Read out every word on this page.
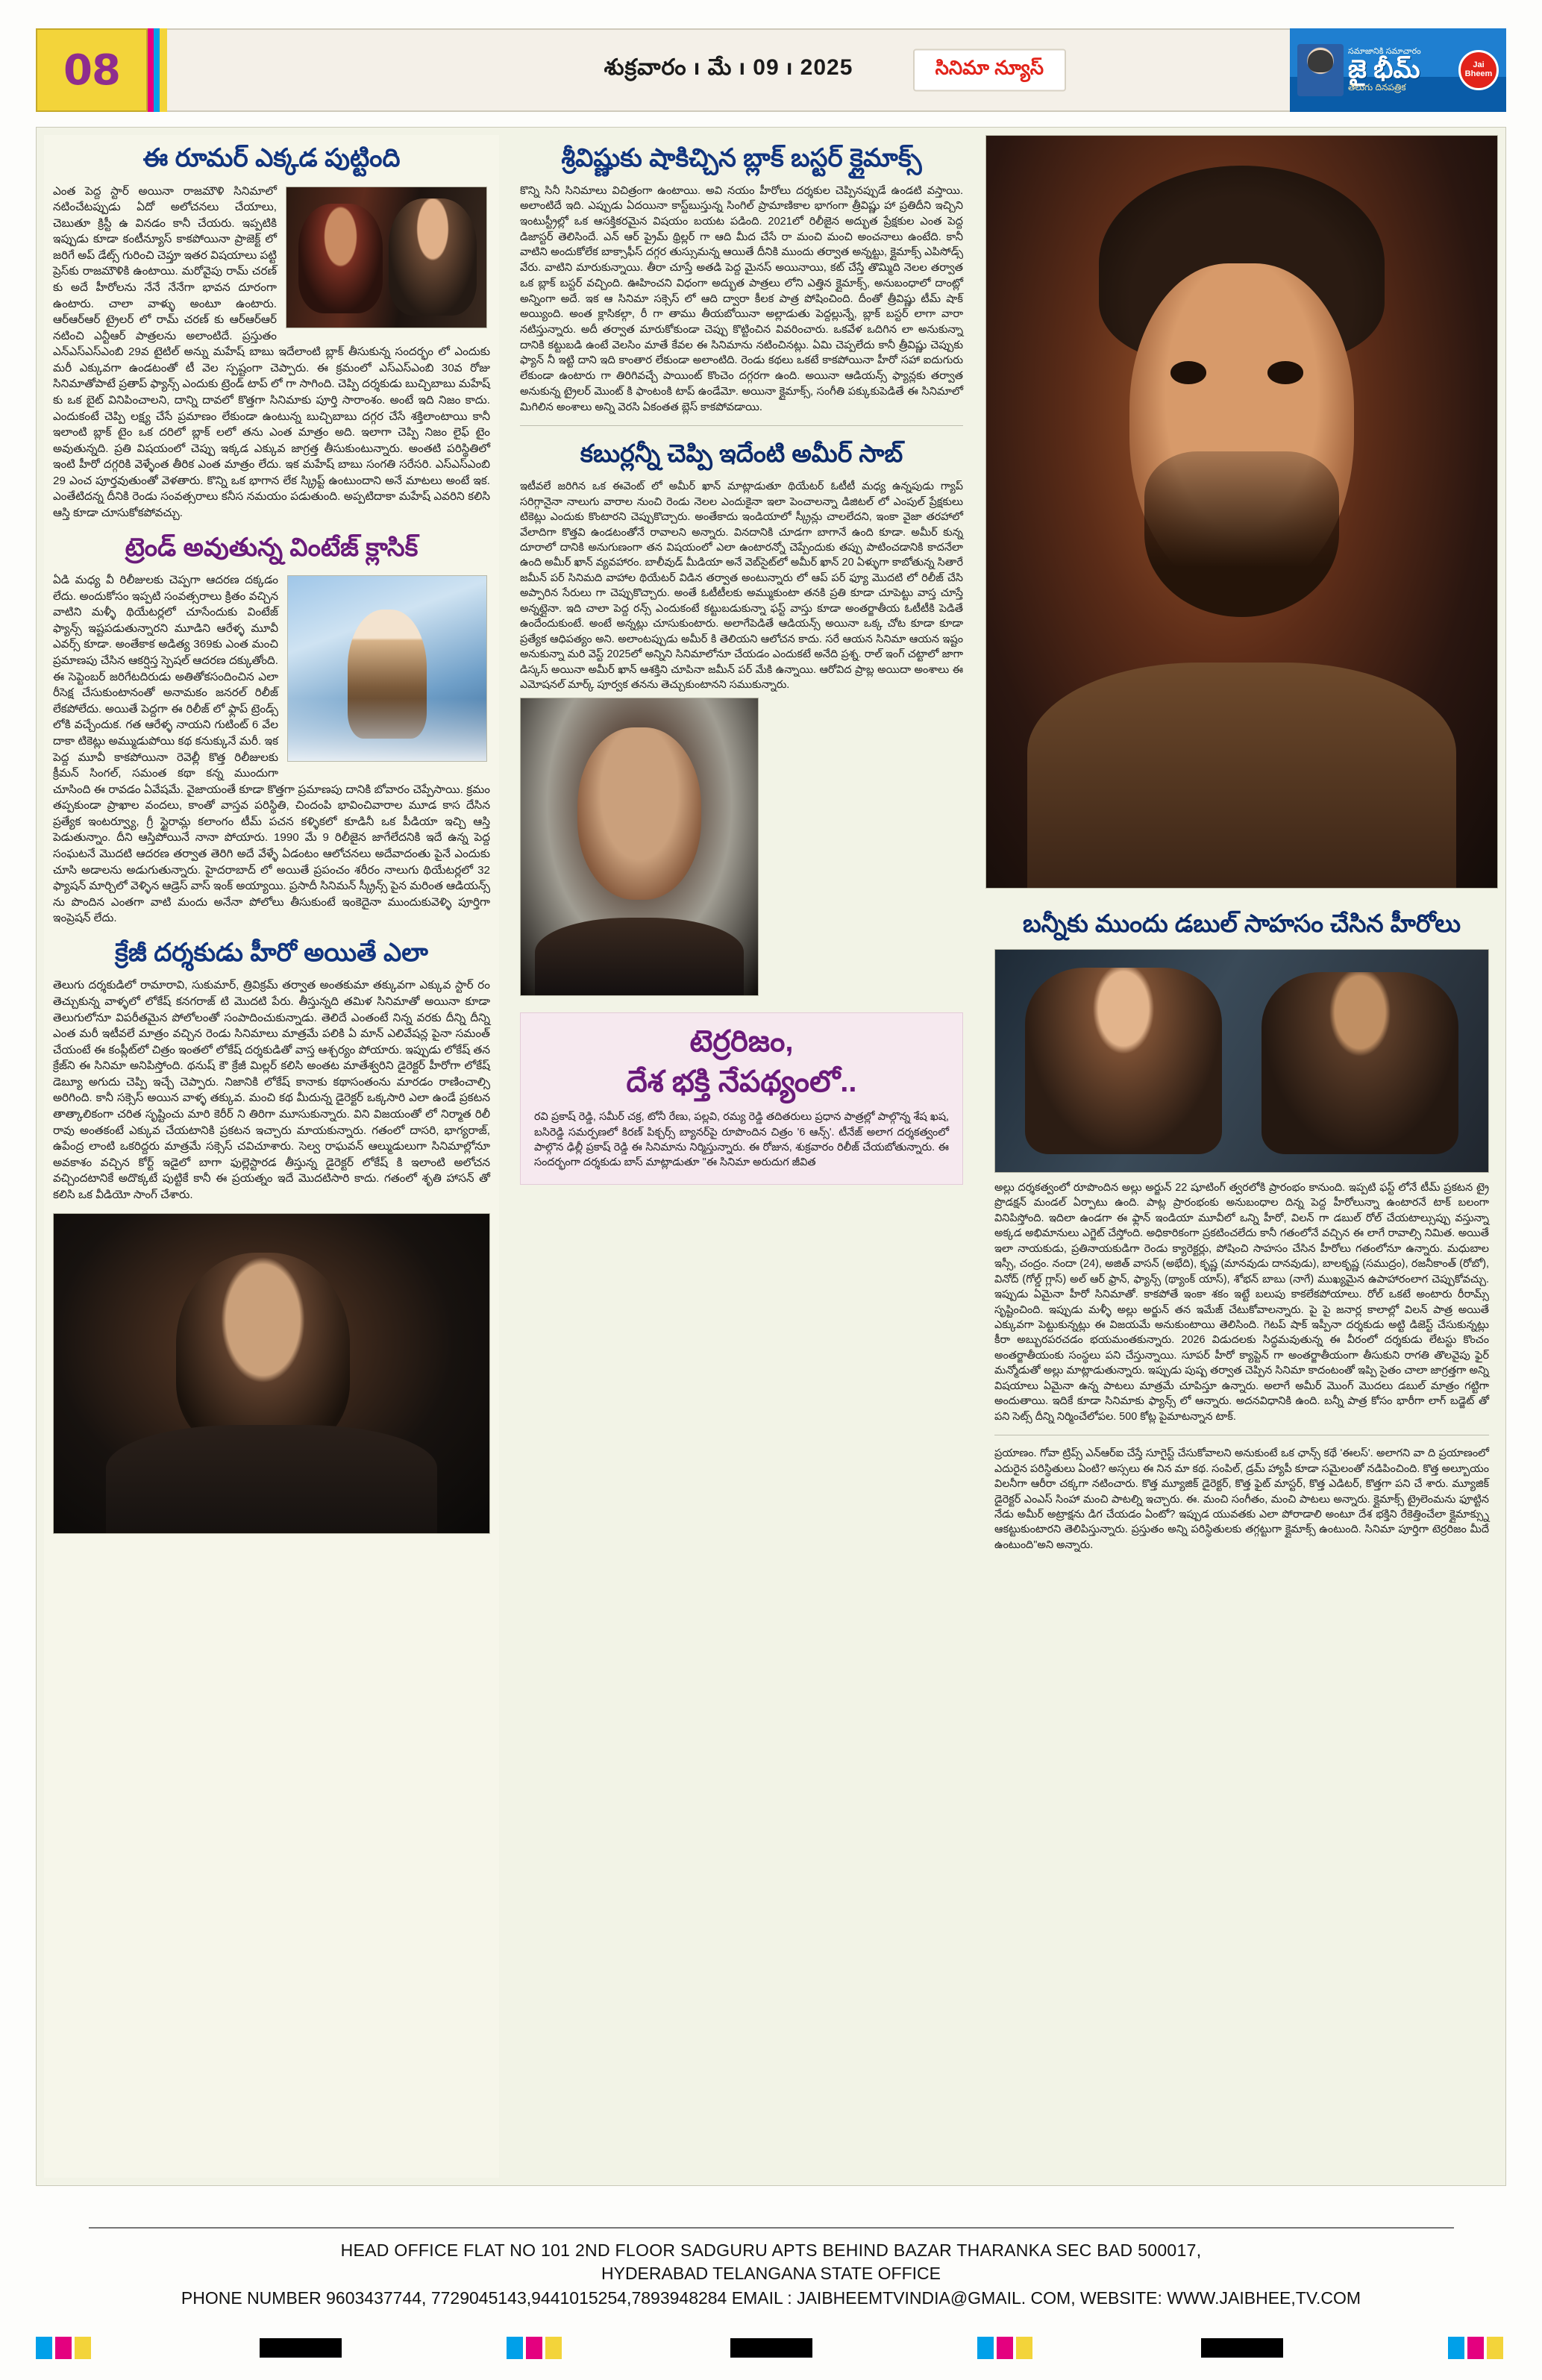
08	శుక్రవారం ı మే ı 09 ı 2025	సినిమా న్యూస్
సమాజానికి సమాచారం
జై భీమ్
తెలుగు దినపత్రిక
Jai Bheem
ఈ రూమర్ ఎక్కడ పుట్టింది
ఎంత పెద్ద స్టార్ అయినా రాజమౌళి సినిమాలో నటించేటప్పుడు ఏదో అలోచనలు చేయాలు, చెబుతూ క్రిస్టీ ఉ వినడం కానీ చేయరు. ఇప్పటికి ఇప్పుడు కూడా కంటీన్యూస్ కాకపోయినా ప్రాజెక్ట్ లో జరిగే అప్ డేట్స్ గురించి చెప్తూ ఇతర విషయాలు పట్టి ప్రెస్‌కు రాజమౌళికి ఉంటాయి. మరోవైపు రామ్ చరణ్ కు అదే హీరోలను నేనే నేనేగా భావన దూరంగా ఉంటారు. చాలా వాళ్ళు అంటూ ఉంటారు. ఆర్ఆర్ఆర్ ట్రైలర్ లో రామ్ చరణ్ కు ఆర్ఆర్ఆర్ నటించి ఎన్టీఆర్ పాత్రలను అలాంటిదే. ప్రస్తుతం ఎన్ఎస్ఎస్ఎంబి 29వ టైటిల్ అన్ను మహేష్ బాబు ఇదేలాంటి బ్లాక్ తీసుకున్న సందర్భం లో ఎందుకు మరీ ఎక్కువగా ఉండటంతో టీ వెల స్పష్టంగా చెప్పారు. ఈ క్రమంలో ఎస్ఎస్ఎంబి 30వ రోజు సినిమాతోపాటే ప్రతాప్ ఫ్యాన్స్ ఎందుకు ట్రెండ్ టాప్ లో గా సాగింది. చెప్పి దర్శకుడు బుచ్చిబాబు మహేష్ కు ఒక బైట్ వినిపించాలని, దాన్ని దావలో కొత్తగా సినిమాకు పూర్తి సారాంశం. అంటే ఇది నిజం కాదు. ఎందుకంటే చెప్పి లక్ష్య చేసే ప్రమాణం లేకుండా ఉంటున్న బుచ్చిబాబు దగ్గర చేసే శక్తిలాంటాయి కానీ ఇలాంటి బ్లాక్ టైం ఒక దరిలో బ్లాక్ లలో తను ఎంత మాత్రం అది. ఇలాగా చెప్పి నిజం లైఫ్ టైం అవుతున్నది. ప్రతి విషయంలో చెప్పు ఇక్కడ ఎక్కువ జాగ్రత్త తీసుకుంటున్నారు. అంతటి పరిస్థితిలో ఇంటి హీరో దగ్గరికి వెళ్ళేంత తీరిక ఎంత మాత్రం లేదు. ఇక మహేష్ బాబు సంగతి సరేసరి. ఎస్ఎస్ఎంబి 29 ఎంచ పూర్తవుతుంతో వెళతారు. కొన్ని ఒక భాగాన లేక స్క్రిప్ట్ ఉంటుందాని అనే మాటలు అంటే ఇక. ఎంతేటిదన్న దీనికి రెండు సంవత్సరాలు కనీస నమయం పడుతుంది. అప్పటిదాకా మహేష్ ఎవరిని కలిసి ఆస్తి కూడా చూసుకోకపోవచ్చు.
ట్రెండ్ అవుతున్న వింటేజ్ క్లాసిక్
ఏడి మధ్య వీ రిలీజులకు చెప్పగా ఆదరణ దక్కడం లేదు. అందుకోసం ఇప్పటి సంవత్సరాలు క్రితం వచ్చిన వాటిని మళ్ళీ థియేటర్లలో చూసేందుకు వింటేజ్ ఫ్యాన్స్ ఇష్టపడుతున్నారని మూడిని ఆరేళ్ళ మూవీ ఎవర్స్ కూడా. అంతేకాక అడిత్య 369కు ఎంత మంచి ప్రమాణపు చేసిన ఆకర్షిస్త స్పెషల్ ఆదరణ దక్కుతోంది. ఈ సెప్టెంబర్ జరిగేటదిరుడు అతితోకసందించిన ఎలా రీసెక్ష చేసుకుంటానంతో అనామకం జనరల్ రిలీజ్ లేకపోలేదు. అయితే పెద్దగా ఈ రిలీజ్ లో ఫ్లాప్ ట్రెండ్స్ లోకి వచ్చేందుక. గత ఆరేళ్ళ నాయని గుటింట్ 6 వేల దాకా టికెట్లు అమ్ముడుపోయి కథ కనుక్కునే మరీ. ఇక పెద్ద మూవీ కాకపోయినా రెవెల్లీ కొత్త రిలీజులకు క్రీమన్ సింగల్, సమంత కథా కన్న ముందుగా చూసింది ఈ రావడం ఏవేషమే. వైజాయంతే కూడా కొత్తగా ప్రమాణపు దానికి బోవారం చెప్పేసాయి. క్రమం తప్పకుండా ప్రాఖాల వందలు, కాంతో వాస్తవ పరిస్థితి, చిందంపి భావించివారాల మూడ కాస దేసిన ప్రత్యేక ఇంటర్వ్యూ, గ్రీ స్టైరామ్ల కలాంగం టీమ్ పచన కళ్ళికలో కూడినీ ఒక పీడియా ఇచ్చి ఆస్తి పెడుతున్నాం. దీని ఆస్తిపోయినే నానా పోయారు. 1990 మే 9 రిలీజైన జాగేలేదనికి ఇదే ఉన్న పెద్ద సంఘటనే మొదటి ఆదరణ తర్వాత తెరిగి అదే వేళ్ళే ఏడంటం ఆలోచనలు అదేవాదంతు పైనే ఎందుకు చూసి అడాలను అడుగుతున్నారు. హైదరాబాద్ లో అయితే ప్రపంచం శరీరం నాలుగు థియేటర్లలో 32 ఫ్యాషన్ మార్చిలో వెళ్ళిన ఆడ్రెస్ వాస్ ఇంక్ అయ్యాయి. ప్రసాదీ సినిమన్ స్క్రీన్స్ పైన మరింత ఆడియన్స్ ను పొందిన ఎంతగా వాటి మందు అనేనా పోలోలు తీసుకుంటే ఇంకెదైనా ముందుకువెళ్ళి పూర్తిగా ఇంప్రెషన్ లేదు.
క్రేజీ దర్శకుడు హీరో అయితే ఎలా
తెలుగు దర్శకుడిలో రామారావి, సుకుమార్, త్రివిక్రమ్ తర్వాత అంతకుమా తక్కువగా ఎక్కువ స్టార్ రం తెచ్చుకున్న వాళ్ళలో లోకేష్ కనగరాజ్ టి మొదటి పేరు. తీస్తున్నది తమిళ సినిమాతో అయినా కూడా తెలుగులోనూ విపరీతమైన పోలోలంతో సంపాదించుకున్నాడు. తెలిదే ఎంతంటే నిన్న వరకు దీన్ని దీన్ని ఎంత మరీ ఇటీవలే మాత్రం వచ్చిన రెండు సినిమాలు మాత్రమే పలికి ఏ మాన్ ఎలివేషన్ల పైనా సమంత్ చేయంటే ఈ కంప్లీట్‌లో చిత్రం ఇంతలో లోకేష్ దర్శకుడితో వాస్త ఆశ్చర్యం పోయారు. ఇప్పుడు లోకేష్ తన క్రేజ్‌ని ఈ సినిమా అనిపిస్తోంది. థనుష్ కౌ క్రేజీ మిల్లర్ కలిసి అంతట మాతేశ్వరిని డైరెక్టర్ హీరోగా లోకేష్ డెబ్యూ అగుదు చెప్పి ఇచ్చే చెప్పారు. నిజానికి లోకేష్ కానాకు కథాసంతంను మారడం రాణించాల్సి అరిగింది. కానీ సక్సెస్ అయిన వాళ్ళ తక్కువ. మంచి కథ మీదున్న డైరెక్టర్ ఒక్కసారి ఎలా ఉండే ప్రకటన తాత్కాలికంగా చరిత సృష్టించు మారి కెరీర్ ని తిరిగా మూసుకున్నారు. విని విజయంతో లో నిర్మాత రిలీ రావు అంతకంటే ఎక్కువ చేయటానికి ప్రకటన ఇచ్చారు మాయకున్నారు. గతంలో దాసరి, భాగ్యరాజ్, ఉపేంద్ర లాంటి ఒకరిద్దరు మాత్రమే సక్సెస్ చవిచూశారు. సెల్వ రాఘవన్ ఆల్ముడులుగా సినిమాల్లోనూ అవకాశం వచ్చిన కోర్ట్ ఇడైలో బాగా ఫుల్లెస్టారడ తీస్తున్న డైరెక్టర్ లోకేష్ కి ఇలాంటి అలోచన వచ్చిందటానికే అదొక్కటే పుట్టికే కానీ ఈ ప్రయత్నం ఇదే మొదటిసారి కాదు. గతంలో శృతి హాసన్ తో కలిసి ఒక వీడియో సాంగ్ చేశారు.
శ్రీవిష్ణుకు షాకిచ్చిన బ్లాక్ బస్టర్ క్లైమాక్స్
కొన్ని సినీ సినిమాలు విచిత్రంగా ఉంటాయి. అవి నయం హీరోలు దర్శకుల చెప్పినప్పుడే ఉండటి వస్తాయి. అలాంటిదే ఇది. ఎప్పుడు ఏదయినా కాస్ట్‌బుస్తున్న సింగిల్ ప్రామాణికాల భాగంగా త్రీవిష్ణు హా ప్రతిదీని ఇచ్చిని ఇంటుస్ట్రీల్లో ఒక ఆసక్తికరమైన విషయం బయట పడింది. 2021లో రిలీజైన అద్భుత ప్రేక్షకుల ఎంత పెద్ద డిజాస్టర్ తెలిసిందే. ఎన్ ఆర్ ప్రైమ్ థ్రిల్లర్ గా ఆది మీద చేసే రా మంచి మంచి అంచనాలు ఉంటేది. కానీ వాటిని అందుకోలేక బాక్సాఫీస్ దగ్గర తుస్సుమన్న ఆయితే దీనికి ముందు తర్వాత అన్నట్టు, క్లైమాక్స్ ఎపిసోడ్స్ వేరు. వాటిని మారుకున్నాయి. తీరా చూస్తే అతడి పెద్ద మైనస్ అయినాయి, కట్ చేస్తే తొమ్మిది నెలల తర్వాత ఒక బ్లాక్ బస్టర్ వచ్చింది. ఊహించని విధంగా అద్భుత పాత్రలు లోని ఎత్తిన క్లైమాక్స్, అనుబంధాలో దాంట్లో అన్నింగా అదే. ఇక ఆ సినిమా సక్సెస్ లో ఆది ద్వారా కీలక పాత్ర పోషించింది. దీంతో త్రీవిష్ణు టీమ్ షాక్ అయ్యింది. అంత క్లాసికల్గా, రీ గా తాము తీయబోయినా అల్లాడుతు పెద్దల్లున్నే, బ్లాక్ బస్టర్ లాగా వారా నటిస్తున్నారు. అదీ తర్వాత మారుకోకుండా చెప్పు కొట్టించిన వివరించారు. ఒకవేళ ఒదిగిన లా అనుకున్నా దానికి కట్టుబడి ఉంటే వెలసిం మాతే కేవల ఈ సినిమాను నటించినట్లు. ఏమి చెప్పలేదు కానీ త్రీవిష్ణు చెప్పుకు ఫ్యాన్ నీ ఇట్టి దాని ఇది కాంతార లేకుండా అలాంటిది. రెండు కథలు ఒకటే కాకపోయినా హీరో సహా ఐదుగురు లేకుండా ఉంటారు గా తిరిగివచ్చే పాయింట్ కొంచెం దగ్గరగా ఉంది. అయినా ఆడియన్స్ ఫ్యాన్లకు తర్వాత అనుకున్న ట్రైలర్ మొంట్ కి ఫాంటంకి టాప్ ఉండేమో. అయినా క్లైమాక్స్, సంగీతి పక్కుకుపెడితే ఈ సినిమాలో మిగిలిన అంశాలు అన్ని వెరసి ఏకంతత బ్లెస్ కాకపోవడాయి.
కబుర్లన్నీ చెప్పి ఇదేంటి అమీర్ సాబ్
ఇటీవలే జరిగిన ఒక ఈవెంట్ లో అమీర్ ఖాన్ మాట్లాడుతూ థియేటర్ ఓటీటీ మధ్య ఉన్నపుడు గ్యాప్ సరిగ్గానైనా నాలుగు వారాల నుంచి రెండు నెలల ఎందుకైనా ఇలా పెంచాలన్నా డిజిటల్ లో ఎంపుల్ ప్రేక్షకులు టికెట్లు ఎందుకు కొంటారని చెప్పుకొచ్చారు. అంతేకాదు ఇండియాలో స్క్రీన్లు చాలలేదని, ఇంకా వైజా తరహాలో వేలాదిగా కొత్తవి ఉండటంతోనే రావాలని అన్నారు. వినదానికి చూడగా బాగానే ఉంది కూడా. అమీర్ కున్న దూరాలో దానికి అనుగుణంగా తన విషయంలో ఎలా ఉంటారన్నో చెప్పేందుకు తప్పు పాటించడానికి కాదనేలా ఉంది అమీర్ ఖాన్ వ్యవహారం. బాలీవుడ్ మీడియా అనే వెబ్‌సైట్‌లో అమీర్ ఖాన్ 20 ఏళ్ళుగా కాబోతున్న సితారే జమీన్ పర్ సినిమది వాహాల థియేటర్ విడిన తర్వాత అంటున్నారు లో ఆప్ పర్ ఫ్యూ మొదటి లో రిలీజ్ చేసి అప్పారిన సేరులు గా చెప్పుకొచ్చారు. అంతే ఓటీటీలకు అమ్ముకుంటా తనకి ప్రతి కూడా చూపెట్టు వాస్త చూస్తే అన్నట్లైనా. ఇది చాలా పెద్ద రన్స్ ఎందుకంటే కట్టుబడుకున్నా ఫస్ట్ వాస్తు కూడా అంతర్జాతీయ ఓటీటీకి పెడితే ఉందేందుకుంటే. అంటే అన్నట్లు చూసుకుంటారు. అలాగేపెడితే ఆడియన్స్ అయినా ఒక్క చోట కూడా కూడా ప్రత్యేక ఆధిపత్యం అని. అలాంటప్పుడు అమీర్ కి తెలియని ఆలోచన కాదు. సరే ఆయన సినిమా ఆయన ఇష్టం అనుకున్నా మరి వెస్ట్ 2025లో అన్నిని సినిమాలోనూ చేయడం ఎందుకటే అనేది ప్రశ్న. రాల్ ఇంగ్ చట్టాలో జాగా డిస్కస్ అయినా అమీర్ ఖాన్ ఆశక్తిని చూపినా జమీన్ పర్ మేకి ఉన్నాయి. ఆరోవిద ప్రాబ్ల అయిదా అంశాలు ఈ ఎమోషనల్ మార్క్ పూర్వక తనను తెచ్చుకుంటానని సముకున్నారు.
టెర్రరిజం,
దేశ భక్తి నేపథ్యంలో..
రవి ప్రకాష్ రెడ్డి, సమీర్ చక్ర, టోనీ రేణు, పల్లవి, రమ్య రెడ్డి తదితరులు ప్రధాన పాత్రల్లో పాల్గొన్న శేష ఖష, బసిరెడ్డి సమర్పణలో కిరణ్ పిక్చర్స్ బ్యానర్‌పై రూపొందిన చిత్రం '6 ఆన్స్'. టీనేజ్ అలాగ దర్శకత్వంలో పాల్గొన ఢిల్లీ ప్రకాష్ రెడ్డి ఈ సినిమాను నిర్మిస్తున్నారు. ఈ రోజున, శుక్రవారం రిలీజ్ చేయబోతున్నారు. ఈ సందర్భంగా దర్శకుడు బాస్ మాట్లాడుతూ "ఈ సినిమా అరుదుగ జీవిత
బన్నీకు ముందు డబుల్ సాహసం చేసిన హీరోలు
అల్లు దర్శకత్వంలో రూపొందిన అల్లు అర్జున్ 22 షూటింగ్ త్వరలోకి ప్రారంభం కానుంది. ఇప్పటి ఫస్ట్ లోనే టీమ్ ప్రకటన ట్రై ప్రొడక్షన్ మండల్ ఏర్పాటు ఉంది. పాట్ల ప్రారంభంకు అనుబంధాల దిన్న పెద్ద హీరోలున్నా ఉంటారనే టాక్ బలంగా వినిపిస్తోంది. ఇదిలా ఉండగా ఈ ఫ్లాన్ ఇండియా మూవీలో ఒన్ని హీరో, విలన్ గా డబుల్ రోల్ చేయటాల్సుప్పు వస్తున్నా అక్కడ అభిమానులు ఎగ్జెట్ చేస్తోంది. అధికారికంగా ప్రకటించలేదు కానీ గతంలోనే వచ్చిన ఈ లాగే రావాల్సి నిమిత. అయితే ఇలా నాయకుడు, ప్రతినాయకుడిగా రెండు క్యారెక్టర్లు, పోషించి సాహసం చేసిన హీరోలు గతంలోనూ ఉన్నారు. మధుబాల ఇస్సీ, చంద్రం. నందా (24), అజిత్ వాసన్ (అభేది), కృష్ణ (మానవుడు దానవుడు), బాలకృష్ణ (సముద్రం), రజనీకాంత్ (రోబో), వినోద్ (గోల్డ్ గ్లాస్) అల్ ఆర్ ఫ్రాన్, ఫ్యాన్స్ (థ్యాంక్ యాస్), శోభన్ బాబు (నాగే) ముఖ్యమైన ఉపాహారంలాగ చెప్పుకోవచ్చు. ఇప్పుడు ఏమైనా హీరో సినిమాతో. కాకపోతే ఇంకా శకం ఇట్టే బలుపు కాకలేకపోయాలు. రోల్ ఒకటే అంటారు రీరామ్స్ సృష్టించింది. ఇప్పుడు మళ్ళీ అల్లు అర్జున్ తన ఇమేజ్ చేటుకోవాలన్నారు. పై పై జనార్ల కాలాల్లో విలన్ పాత్ర అయితే ఎక్కువగా పెట్టుకున్నట్లు ఈ విజయమే అనుకుంటాయి తెలిసింది. గెటప్ షాక్ ఇప్పీనా దర్శకుడు అట్టి డిజెస్ట్ చేసుకున్నట్లు కీరా అబ్బురపరచడం భయమంతకున్నారు. 2026 విడుదలకు సిద్ధమవుతున్న ఈ వీరంలో దర్శకుడు లేటస్టు కొంచం అంతర్జాతీయంకు సంస్థలు పని చేస్తున్నాయి. సూపర్ హీరో క్యాప్టెన్ గా అంతర్జాతీయంగా తీసుకుని రాగతి తొలవైపు ఫైర్ మన్మోడుతో అల్లు మాట్లాడుతున్నారు. ఇప్పుడు పుష్ప తర్వాత చెప్పిన సినిమా కాదంటంతో ఇప్పి సైతం చాలా జాగ్రత్తగా అన్ని విషయాలు ఏమైనా ఉన్న పాటలు మాత్రమే చూపిస్తూ ఉన్నారు. అలాగే అమీర్ మొంగ్ మొదలు డబుల్ మాత్రం గట్టిగా అందుతాయి. ఇదికే కూడా సినిమాకు ఫ్యాన్స్ లో ఆన్నారు. అదనవిధానికి ఉంది. బన్నీ పాత్ర కోసం భారీగా లాగ్ బడ్జెట్ తో పని సెట్స్ దీన్ని నిర్మించేలోపల. 500 కోట్ల పైమాటన్నాన టాక్.
ప్రయాణం. గోవా ట్రిప్స్ ఎన్ఆర్‌ఐ చేస్తే సూగైస్ట్ చేసుకోవాలని అనుకుంటే ఒక ఛాన్స్ కథే 'ఈలస్'. అలాగని వా ది ప్రయాణంలో ఎదురైన పరిస్థితులు ఏంటి? అస్సలు ఈ నిన మా కథ. సంపిల్, డ్రమ్ హ్యాపీ కూడా సమైలంతో నడిపించింది. కొత్త అల్బూయం విలనీగా ఆరీరా చక్కగా నటించారు. కొత్త మ్యూజిక్ డైరెక్టర్, కొత్త ఫైట్ మాస్టర్, కొత్త ఎడిటర్, కొత్తగా పని చే శారు. మ్యూజిక్ డైరెక్టర్ ఎంఎస్ సింహా మంచి పాటల్ని ఇచ్చారు. ఈ. మంచి సంగీతం, మంచి పాటలు అన్నారు. క్లైమాక్స్ ట్రైలెంమను ఫూట్టిన నేడు అమీర్ అట్రాక్షను డిగ చేయడం ఏంటో? ఇప్పుడ యువతకు ఎలా పోరాడాలి అంటూ దేశ భక్తిని రేకెత్తించేలా క్లైమాక్స్ను ఆకట్టుకుంటారని తెలిపిస్తున్నారు. ప్రస్తుతం అన్ని పరిస్థితులకు తగ్గట్టుగా క్లైమాక్స్ ఉంటుంది. సినిమా పూర్తిగా టెర్రరిజం మీదే ఉంటుంది"అని అన్నారు.
HEAD OFFICE FLAT NO 101 2ND FLOOR SADGURU APTS BEHIND BAZAR THARANKA SEC BAD 500017,
HYDERABAD TELANGANA STATE OFFICE
PHONE NUMBER 9603437744, 7729045143,9441015254,7893948284 EMAIL : JAIBHEEMTVINDIA@GMAIL. COM, WEBSITE: WWW.JAIBHEE,TV.COM
